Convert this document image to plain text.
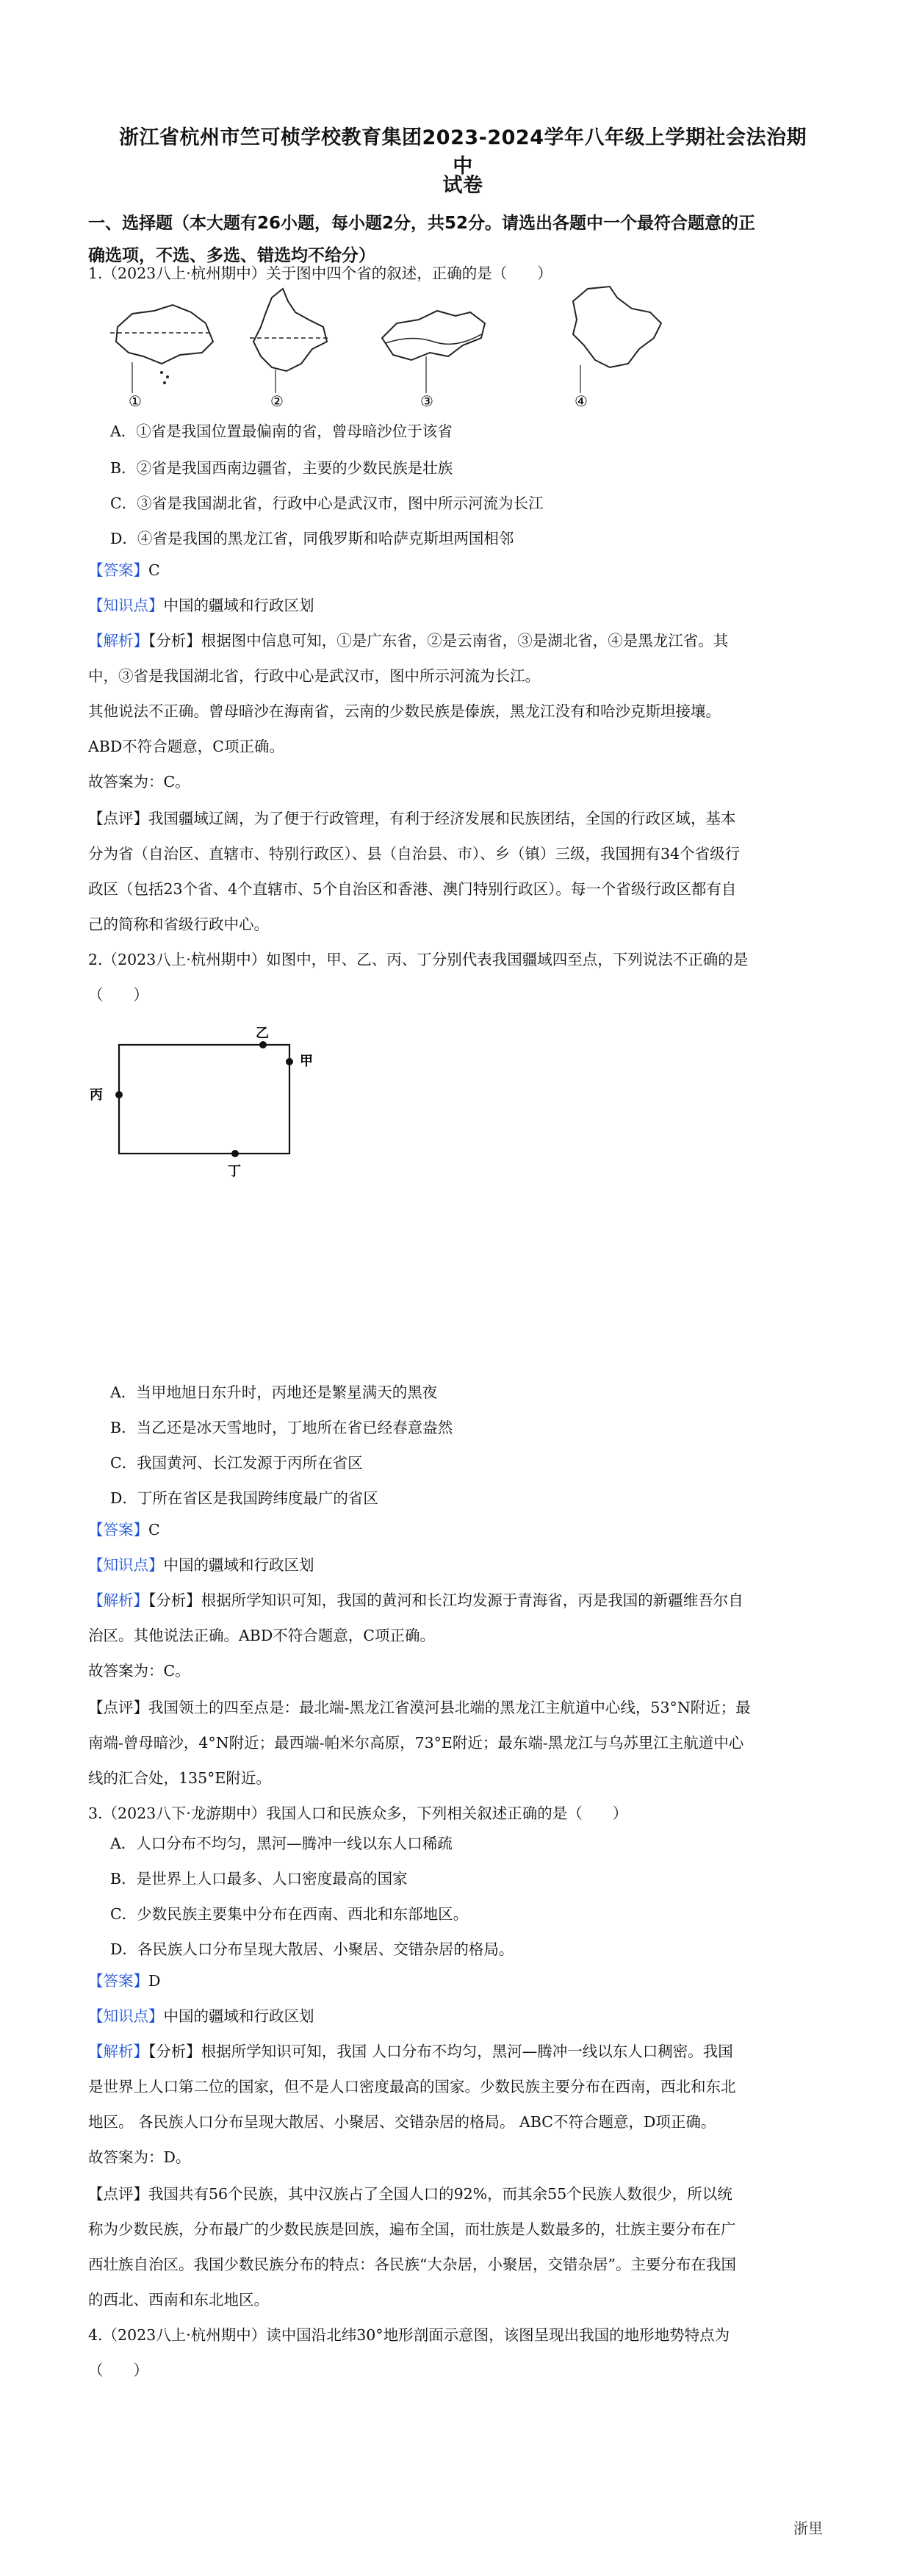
浙江省杭州市竺可桢学校教育集团2023-2024学年八年级上学期社会法治期中
试卷
一、选择题（本大题有26小题，每小题2分，共52分。请选出各题中一个最符合题意的正
确选项，不选、多选、错选均不给分）
1.（2023八上·杭州期中）关于图中四个省的叙述，正确的是（　　）
①	②	③	④
A．①省是我国位置最偏南的省，曾母暗沙位于该省
B．②省是我国西南边疆省，主要的少数民族是壮族
C．③省是我国湖北省，行政中心是武汉市，图中所示河流为长江
D．④省是我国的黑龙江省，同俄罗斯和哈萨克斯坦两国相邻
【答案】C
【知识点】中国的疆域和行政区划
【解析】【分析】根据图中信息可知，①是广东省，②是云南省，③是湖北省，④是黑龙江省。其
中，③省是我国湖北省，行政中心是武汉市，图中所示河流为长江。
其他说法不正确。曾母暗沙在海南省，云南的少数民族是傣族，黑龙江没有和哈沙克斯坦接壤。
ABD不符合题意，C项正确。
故答案为：C。
【点评】我国疆域辽阔，为了便于行政管理，有利于经济发展和民族团结，全国的行政区域，基本
分为省（自治区、直辖市、特别行政区）、县（自治县、市）、乡（镇）三级，我国拥有34个省级行
政区（包括23个省、4个直辖市、5个自治区和香港、澳门特别行政区）。每一个省级行政区都有自
己的简称和省级行政中心。
2.（2023八上·杭州期中）如图中，甲、乙、丙、丁分别代表我国疆域四至点，下列说法不正确的是
（　　）
乙
甲
丙
丁
A．当甲地旭日东升时，丙地还是繁星满天的黑夜
B．当乙还是冰天雪地时，丁地所在省已经春意盎然
C．我国黄河、长江发源于丙所在省区
D．丁所在省区是我国跨纬度最广的省区
【答案】C
【知识点】中国的疆域和行政区划
【解析】【分析】根据所学知识可知，我国的黄河和长江均发源于青海省，丙是我国的新疆维吾尔自
治区。其他说法正确。ABD不符合题意，C项正确。
故答案为：C。
【点评】我国领土的四至点是：最北端-黑龙江省漠河县北端的黑龙江主航道中心线，53°N附近；最
南端-曾母暗沙，4°N附近；最西端-帕米尔高原，73°E附近；最东端-黑龙江与乌苏里江主航道中心
线的汇合处，135°E附近。
3.（2023八下·龙游期中）我国人口和民族众多，下列相关叙述正确的是（　　）
A．人口分布不均匀，黑河—腾冲一线以东人口稀疏
B．是世界上人口最多、人口密度最高的国家
C．少数民族主要集中分布在西南、西北和东部地区。
D．各民族人口分布呈现大散居、小聚居、交错杂居的格局。
【答案】D
【知识点】中国的疆域和行政区划
【解析】【分析】根据所学知识可知，我国 人口分布不均匀，黑河—腾冲一线以东人口稠密。我国
是世界上人口第二位的国家，但不是人口密度最高的国家。少数民族主要分布在西南，西北和东北
地区。 各民族人口分布呈现大散居、小聚居、交错杂居的格局。 ABC不符合题意，D项正确。
故答案为：D。
【点评】我国共有56个民族，其中汉族占了全国人口的92%，而其余55个民族人数很少，所以统
称为少数民族，分布最广的少数民族是回族，遍布全国，而壮族是人数最多的，壮族主要分布在广
西壮族自治区。我国少数民族分布的特点：各民族“大杂居，小聚居，交错杂居”。主要分布在我国
的西北、西南和东北地区。
4.（2023八上·杭州期中）读中国沿北纬30°地形剖面示意图，该图呈现出我国的地形地势特点为
（　　）
浙里
